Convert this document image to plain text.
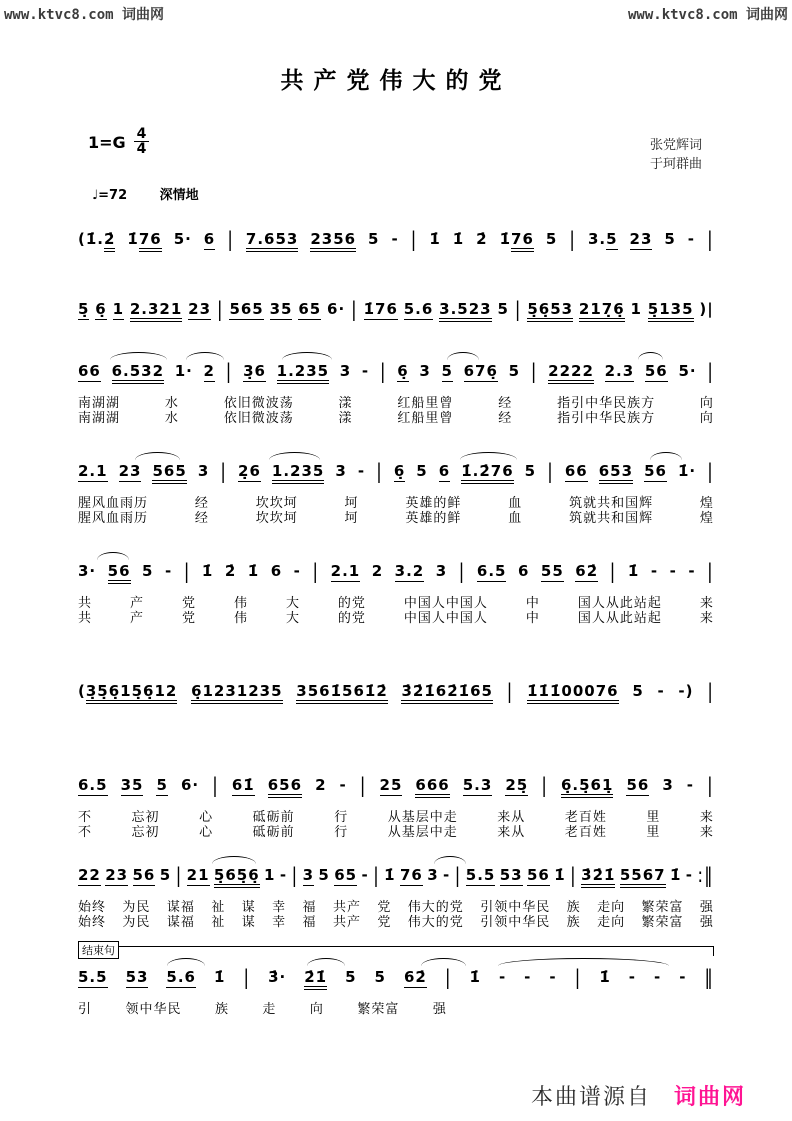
www.ktvc8.com 词曲网	www.ktvc8.com 词曲网
共产党伟大的党
$1=G \frac{4}{4}$	张党辉词
于珂群曲
♩=72	深情地
(1̇.2̇ 1̇76 5· 6 | 7.653 2356 5 - | 1̇ 1̇ 2̇ 1̇76 5 | 3.5 23 5 - |
5̣ 6̣ 1 2.321 23 | 565 35 65 6· | 1̇76 5.6 3.523 5 | 5̣6̣53 217̣6̣ 1 5̣135 )|
66 6.532 1· 2 | 3̣6 1.235 3 - | 6̣ 3 5 676̣ 5 | 2222 2.3 56 5· |
南湖湖	水	依旧微波荡	漾	红船里曾	经	指引中华民族方	向
南湖湖	水	依旧微波荡	漾	红船里曾	经	指引中华民族方	向
2.1 23 565 3 | 2̣6 1.235 3 - | 6̣ 5 6 1̇.2̇76 5 | 66 653 56 1̇· |
腥风血雨历	经	坎坎坷	坷	英雄的鲜	血	筑就共和国辉	煌
腥风血雨历	经	坎坎坷	坷	英雄的鲜	血	筑就共和国辉	煌
3· 56 5 - | 1̇ 2̇ 1̇ 6 - | 2.1 2 3.2 3 | 6.5 6 55 62̇ | 1̇ - - - |
共	产	党	伟	大	的党	中国人中国人	中	国人从此站起	来
共	产	党	伟	大	的党	中国人中国人	中	国人从此站起	来
(3̣5̣6̣15̣6̣12 6̣1231235 3561̇561̇2̇ 3̇2̇1̇62̇1̇65 | 1̇1̇1̇00076 5 - -) |
6.5 35 5 6· | 61̇ 656 2 - | 25 666 5.3 25̣ | 6̣.5̣61̣ 56 3 - |
不	忘初	心	砥砺前	行	从基层中走	来从	老百姓	里	来
不	忘初	心	砥砺前	行	从基层中走	来从	老百姓	里	来
22 23 56 5 | 21 5̣65̣6̣ 1 - | 3 5 65 - | 1̇ 76 3 - | 5.5 53 56 1̇ | 3̇2̇1̇ 5567 1̇ - :‖
始终 为民 谋福 祉 谋 幸 福 共产 党 伟大的党 引领中华民 族 走向 繁荣富 强
始终 为民 谋福 祉 谋 幸 福 共产 党 伟大的党 引领中华民 族 走向 繁荣富 强
结束句
5.5 53 5.6 1̇ | 3̇· 2̇1̇ 5 5 62̇ | 1̇ - - - | 1̇ - - - ‖
引	领中华民	族	走	向	繁荣富	强
本曲谱源自 词曲网
